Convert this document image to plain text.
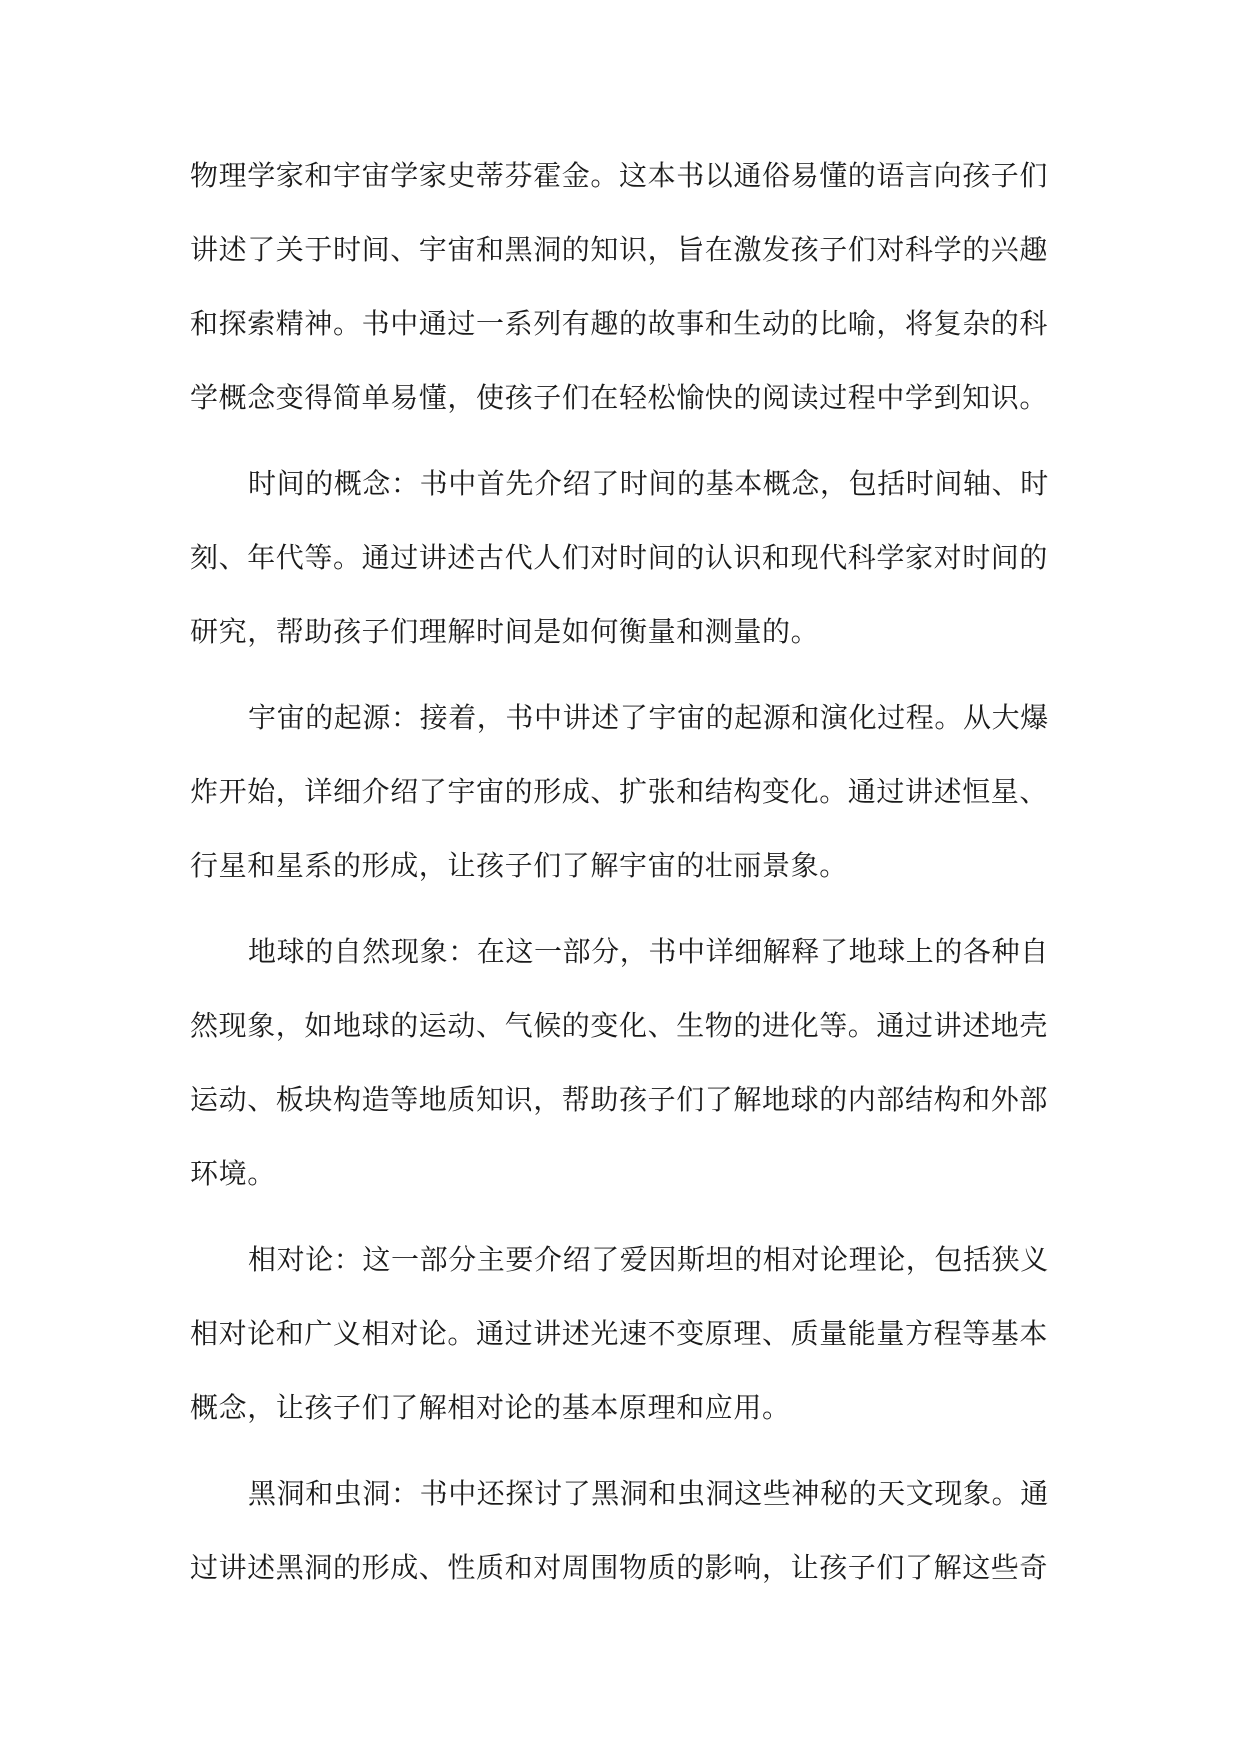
物理学家和宇宙学家史蒂芬霍金。这本书以通俗易懂的语言向孩子们
讲述了关于时间、宇宙和黑洞的知识，旨在激发孩子们对科学的兴趣
和探索精神。书中通过一系列有趣的故事和生动的比喻，将复杂的科
学概念变得简单易懂，使孩子们在轻松愉快的阅读过程中学到知识。
时间的概念：书中首先介绍了时间的基本概念，包括时间轴、时
刻、年代等。通过讲述古代人们对时间的认识和现代科学家对时间的
研究，帮助孩子们理解时间是如何衡量和测量的。
宇宙的起源：接着，书中讲述了宇宙的起源和演化过程。从大爆
炸开始，详细介绍了宇宙的形成、扩张和结构变化。通过讲述恒星、
行星和星系的形成，让孩子们了解宇宙的壮丽景象。
地球的自然现象：在这一部分，书中详细解释了地球上的各种自
然现象，如地球的运动、气候的变化、生物的进化等。通过讲述地壳
运动、板块构造等地质知识，帮助孩子们了解地球的内部结构和外部
环境。
相对论：这一部分主要介绍了爱因斯坦的相对论理论，包括狭义
相对论和广义相对论。通过讲述光速不变原理、质量能量方程等基本
概念，让孩子们了解相对论的基本原理和应用。
黑洞和虫洞：书中还探讨了黑洞和虫洞这些神秘的天文现象。通
过讲述黑洞的形成、性质和对周围物质的影响，让孩子们了解这些奇
